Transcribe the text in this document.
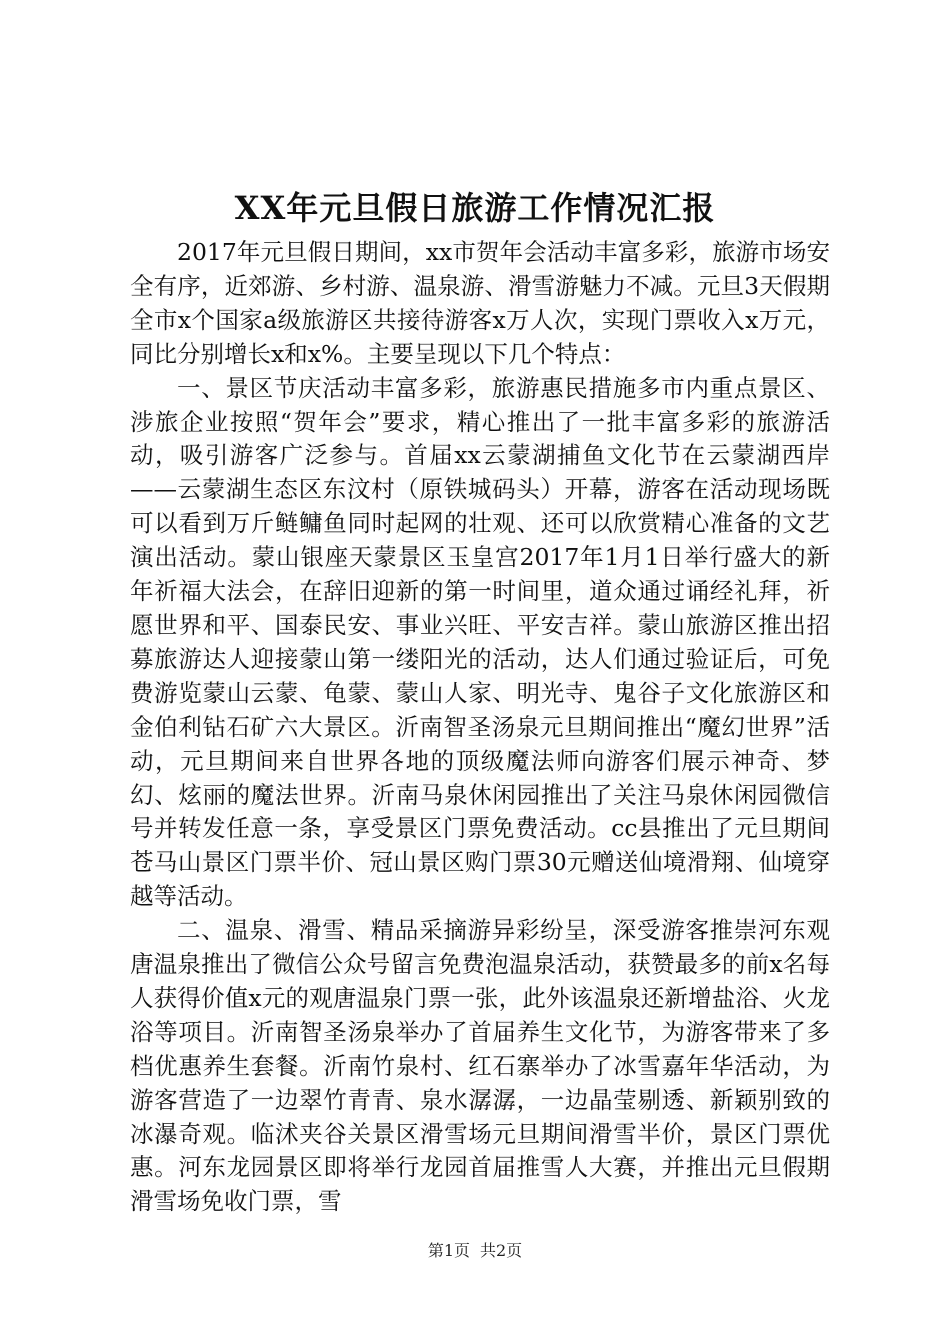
XX年元旦假日旅游工作情况汇报

2017年元旦假日期间，xx市贺年会活动丰富多彩，旅游市场安全有序，近郊游、乡村游、温泉游、滑雪游魅力不减。元旦3天假期全市x个国家a级旅游区共接待游客x万人次，实现门票收入x万元，同比分别增长x和x%。主要呈现以下几个特点：

一、景区节庆活动丰富多彩，旅游惠民措施多市内重点景区、涉旅企业按照“贺年会”要求，精心推出了一批丰富多彩的旅游活动，吸引游客广泛参与。首届xx云蒙湖捕鱼文化节在云蒙湖西岸——云蒙湖生态区东汶村（原铁城码头）开幕，游客在活动现场既可以看到万斤鲢鳙鱼同时起网的壮观、还可以欣赏精心准备的文艺演出活动。蒙山银座天蒙景区玉皇宫2017年1月1日举行盛大的新年祈福大法会，在辞旧迎新的第一时间里，道众通过诵经礼拜，祈愿世界和平、国泰民安、事业兴旺、平安吉祥。蒙山旅游区推出招募旅游达人迎接蒙山第一缕阳光的活动，达人们通过验证后，可免费游览蒙山云蒙、龟蒙、蒙山人家、明光寺、鬼谷子文化旅游区和金伯利钻石矿六大景区。沂南智圣汤泉元旦期间推出“魔幻世界”活动，元旦期间来自世界各地的顶级魔法师向游客们展示神奇、梦幻、炫丽的魔法世界。沂南马泉休闲园推出了关注马泉休闲园微信号并转发任意一条，享受景区门票免费活动。cc县推出了元旦期间苍马山景区门票半价、冠山景区购门票30元赠送仙境滑翔、仙境穿越等活动。

二、温泉、滑雪、精品采摘游异彩纷呈，深受游客推崇河东观唐温泉推出了微信公众号留言免费泡温泉活动，获赞最多的前x名每人获得价值x元的观唐温泉门票一张，此外该温泉还新增盐浴、火龙浴等项目。沂南智圣汤泉举办了首届养生文化节，为游客带来了多档优惠养生套餐。沂南竹泉村、红石寨举办了冰雪嘉年华活动，为游客营造了一边翠竹青青、泉水潺潺，一边晶莹剔透、新颖别致的冰瀑奇观。临沭夹谷关景区滑雪场元旦期间滑雪半价，景区门票优惠。河东龙园景区即将举行龙园首届推雪人大赛，并推出元旦假期滑雪场免收门票，雪

第1页 共2页
